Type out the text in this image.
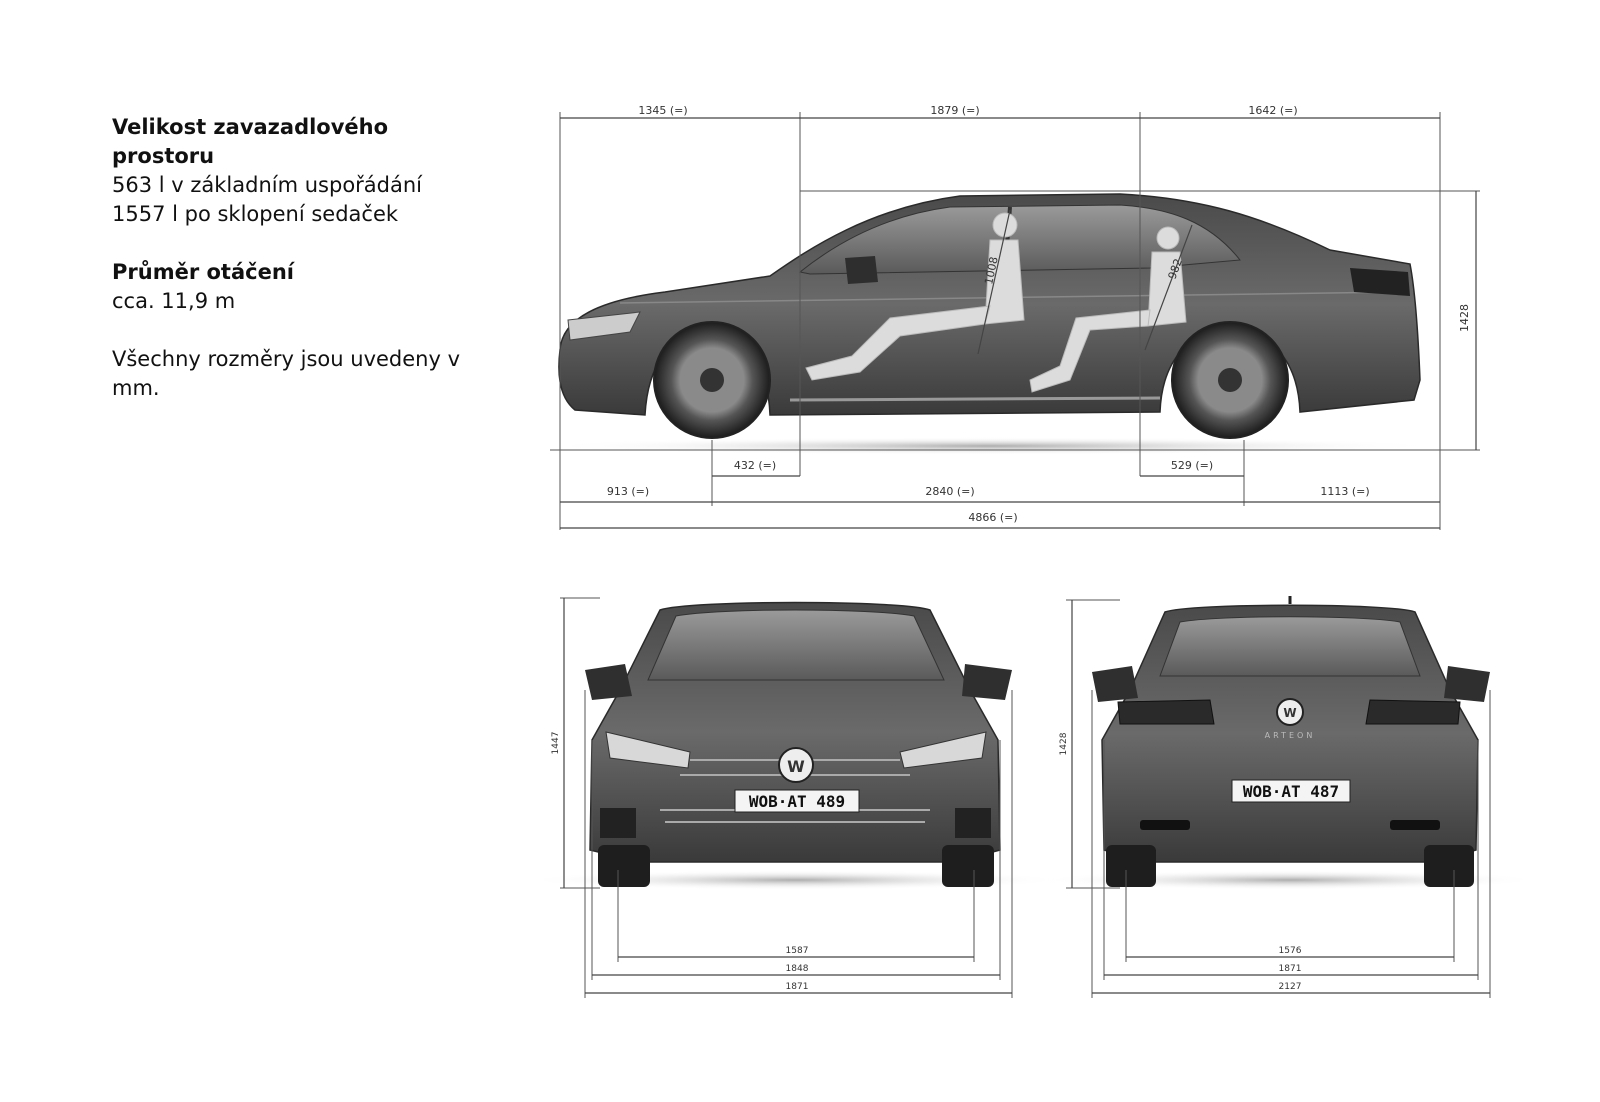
Velikost zavazadlového prostoru
563 l v základním uspořádání
1557 l po sklopení sedaček

Průměr otáčení
cca. 11,9 m

Všechny rozměry jsou uvedeny v mm.

1008	982
1345 (=)	1879 (=)	1642 (=)
1428
432 (=)	529 (=)
913 (=)	2840 (=)	1113 (=)
4866 (=)
W
WOB·AT 489
1447
1587
1848
1871
W
ARTEON
WOB·AT 487
1428
1576
1871
2127
